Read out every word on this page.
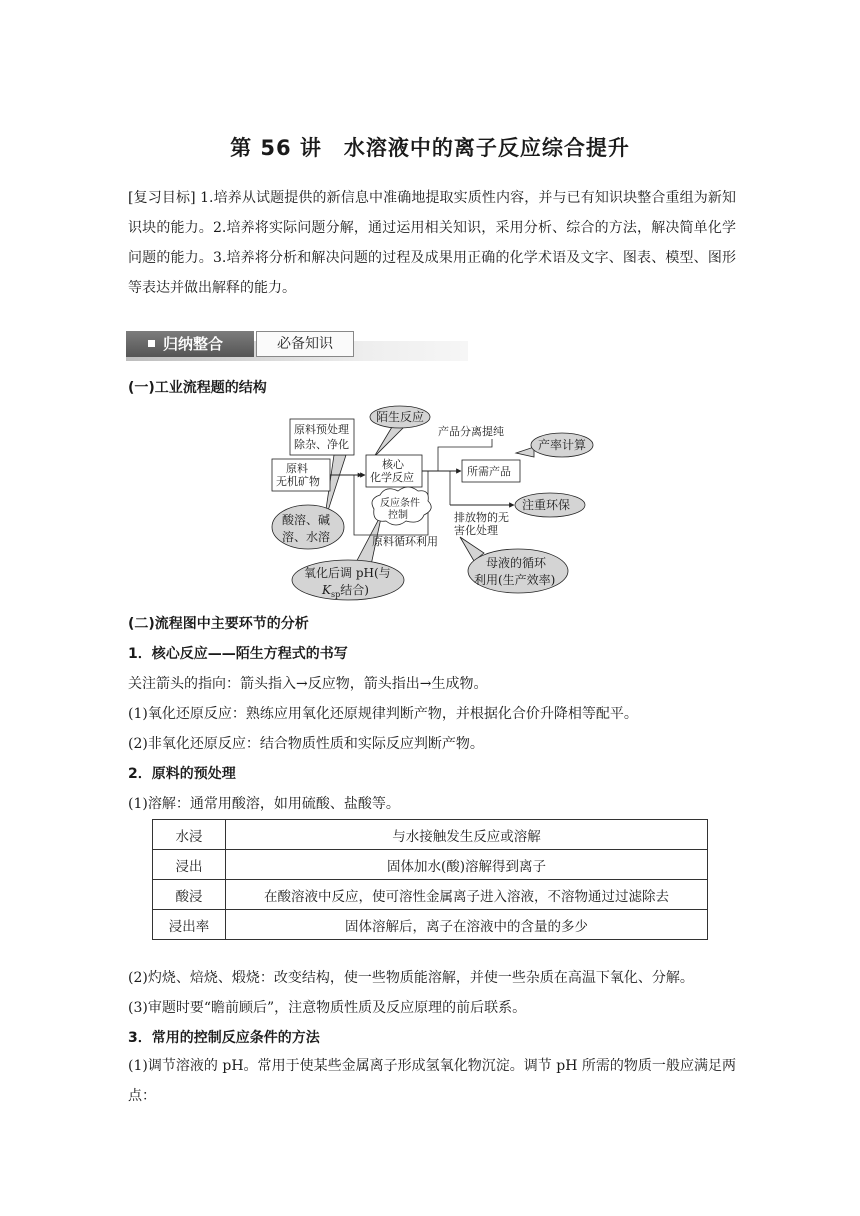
第 56 讲　水溶液中的离子反应综合提升
[复习目标] 1.培养从试题提供的新信息中准确地提取实质性内容，并与已有知识块整合重组为新知识块的能力。2.培养将实际问题分解，通过运用相关知识，采用分析、综合的方法，解决简单化学问题的能力。3.培养将分析和解决问题的过程及成果用正确的化学术语及文字、图表、模型、图形等表达并做出解释的能力。
归纳整合	必备知识
(一)工业流程题的结构
原料预处理
除杂、净化
原料
无机矿物
核心
化学反应	所需产品
产品分离提纯
陌生反应
产率计算
注重环保
酸溶、碱
溶、水溶
氧化后调 pH(与
$K_{sp}$结合)
母液的循环
利用(生产效率)
反应条件
控制	排放物的无
害化处理
原料循环利用
(二)流程图中主要环节的分析
1．核心反应——陌生方程式的书写
关注箭头的指向：箭头指入→反应物，箭头指出→生成物。
(1)氧化还原反应：熟练应用氧化还原规律判断产物，并根据化合价升降相等配平。
(2)非氧化还原反应：结合物质性质和实际反应判断产物。
2．原料的预处理
(1)溶解：通常用酸溶，如用硫酸、盐酸等。
水浸	与水接触发生反应或溶解
浸出	固体加水(酸)溶解得到离子
酸浸	在酸溶液中反应，使可溶性金属离子进入溶液，不溶物通过过滤除去
浸出率	固体溶解后，离子在溶液中的含量的多少
(2)灼烧、焙烧、煅烧：改变结构，使一些物质能溶解，并使一些杂质在高温下氧化、分解。
(3)审题时要“瞻前顾后”，注意物质性质及反应原理的前后联系。
3．常用的控制反应条件的方法
(1)调节溶液的 pH。常用于使某些金属离子形成氢氧化物沉淀。调节 pH 所需的物质一般应满足两点：
